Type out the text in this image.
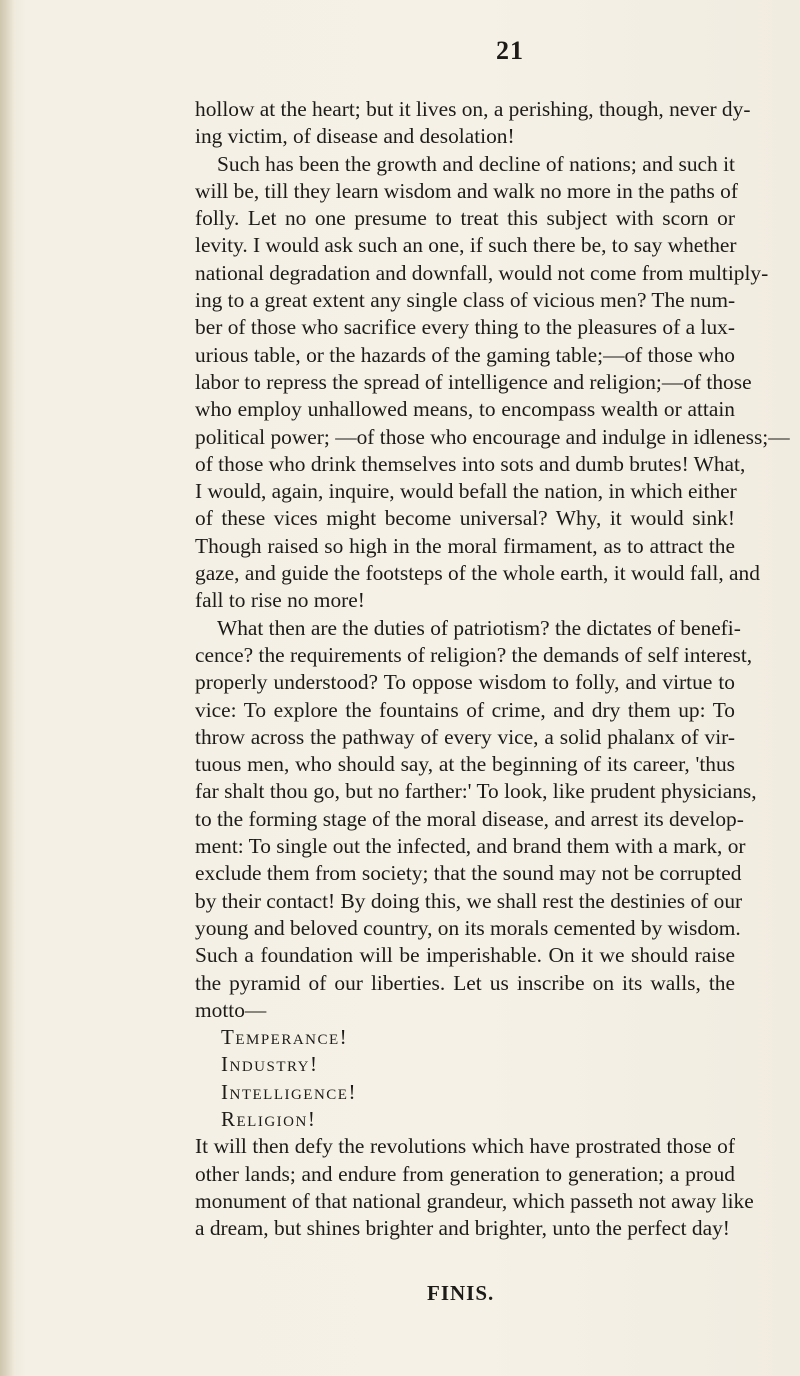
21

hollow at the heart; but it lives on, a perishing, though, never dy-
ing victim, of disease and desolation!

Such has been the growth and decline of nations; and such it
will be, till they learn wisdom and walk no more in the paths of
folly. Let no one presume to treat this subject with scorn or
levity. I would ask such an one, if such there be, to say whether
national degradation and downfall, would not come from multiply-
ing to a great extent any single class of vicious men? The num-
ber of those who sacrifice every thing to the pleasures of a lux-
urious table, or the hazards of the gaming table;—of those who
labor to repress the spread of intelligence and religion;—of those
who employ unhallowed means, to encompass wealth or attain
political power; —of those who encourage and indulge in idleness;—
of those who drink themselves into sots and dumb brutes! What,
I would, again, inquire, would befall the nation, in which either
of these vices might become universal? Why, it would sink!
Though raised so high in the moral firmament, as to attract the
gaze, and guide the footsteps of the whole earth, it would fall, and
fall to rise no more!

What then are the duties of patriotism? the dictates of benefi-
cence? the requirements of religion? the demands of self interest,
properly understood? To oppose wisdom to folly, and virtue to
vice: To explore the fountains of crime, and dry them up: To
throw across the pathway of every vice, a solid phalanx of vir-
tuous men, who should say, at the beginning of its career, 'thus
far shalt thou go, but no farther:' To look, like prudent physicians,
to the forming stage of the moral disease, and arrest its develop-
ment: To single out the infected, and brand them with a mark, or
exclude them from society; that the sound may not be corrupted
by their contact! By doing this, we shall rest the destinies of our
young and beloved country, on its morals cemented by wisdom.
Such a foundation will be imperishable. On it we should raise
the pyramid of our liberties. Let us inscribe on its walls, the
motto—

Temperance!
Industry!
Intelligence!
Religion!

It will then defy the revolutions which have prostrated those of
other lands; and endure from generation to generation; a proud
monument of that national grandeur, which passeth not away like
a dream, but shines brighter and brighter, unto the perfect day!

FINIS.
